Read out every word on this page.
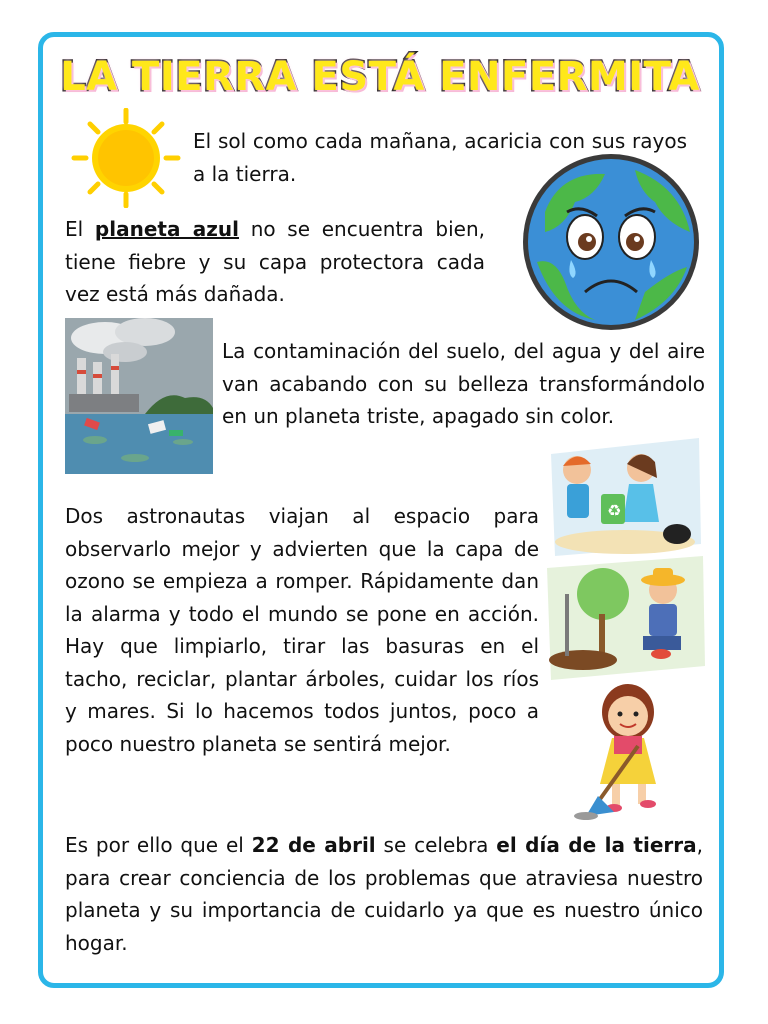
LA TIERRA ESTÁ ENFERMITA
♻
El sol como cada mañana, acaricia con sus rayos a la tierra.
El planeta azul no se encuentra bien, tiene fiebre y su capa protectora cada vez está más dañada.
La contaminación del suelo, del agua y del aire van acabando con su belleza transformándolo en un planeta triste, apagado sin color.
Dos astronautas viajan al espacio para observarlo mejor y advierten que la capa de ozono se empieza a romper. Rápidamente dan la alarma y todo el mundo se pone en acción. Hay que limpiarlo, tirar las basuras en el tacho, reciclar, plantar árboles, cuidar los ríos y mares. Si lo hacemos todos juntos, poco a poco nuestro planeta se sentirá mejor.
Es por ello que el 22 de abril se celebra el día de la tierra, para crear conciencia de los problemas que atraviesa nuestro planeta y su importancia de cuidarlo ya que es nuestro único hogar.
